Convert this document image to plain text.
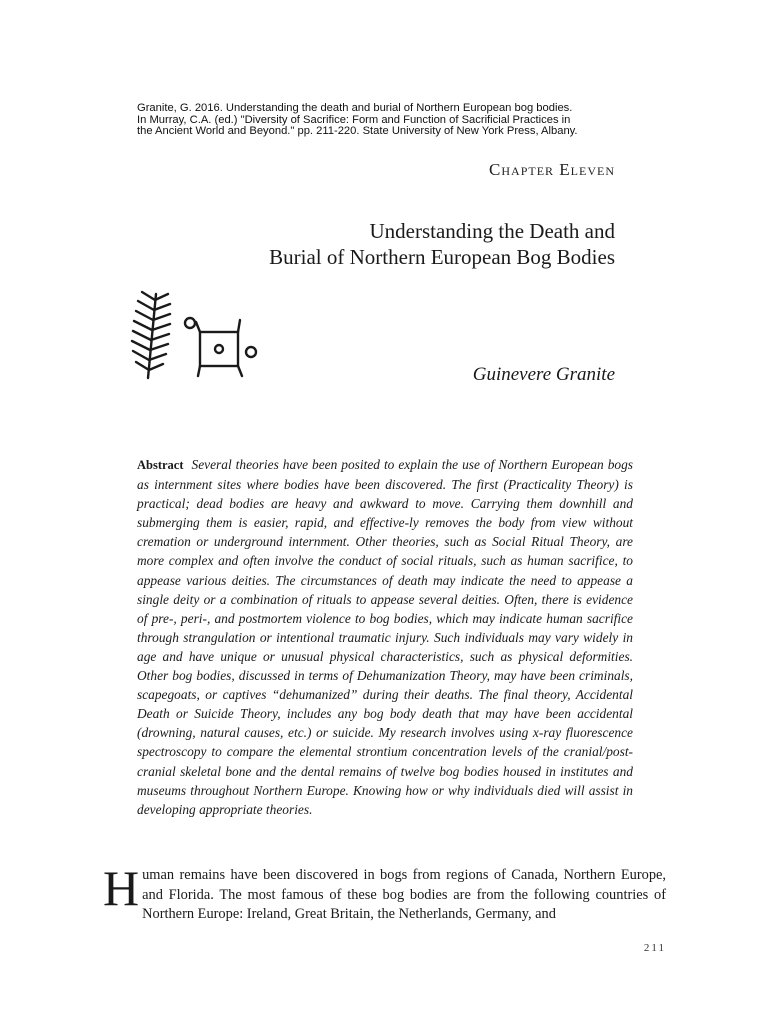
Granite, G. 2016. Understanding the death and burial of Northern European bog bodies.
In Murray, C.A. (ed.) "Diversity of Sacrifice: Form and Function of Sacrificial Practices in
the Ancient World and Beyond." pp. 211-220. State University of New York Press, Albany.
Chapter Eleven
Understanding the Death and
Burial of Northern European Bog Bodies
Guinevere Granite
Abstract Several theories have been posited to explain the use of Northern European bogs as internment sites where bodies have been discovered. The first (Practicality Theory) is practical; dead bodies are heavy and awkward to move. Carrying them downhill and submerging them is easier, rapid, and effective-ly removes the body from view without cremation or underground internment. Other theories, such as Social Ritual Theory, are more complex and often involve the conduct of social rituals, such as human sacrifice, to appease various deities. The circumstances of death may indicate the need to appease a single deity or a combination of rituals to appease several deities. Often, there is evidence of pre-, peri-, and postmortem violence to bog bodies, which may indicate human sacrifice through strangulation or intentional traumatic injury. Such individuals may vary widely in age and have unique or unusual physical characteristics, such as physical deformities. Other bog bodies, discussed in terms of Dehumanization Theory, may have been criminals, scapegoats, or captives “dehumanized” during their deaths. The final theory, Accidental Death or Suicide Theory, includes any bog body death that may have been accidental (drowning, natural causes, etc.) or suicide. My research involves using x-ray fluorescence spectroscopy to compare the elemental strontium concentration levels of the cranial/post-cranial skeletal bone and the dental remains of twelve bog bodies housed in institutes and museums throughout Northern Europe. Knowing how or why individuals died will assist in developing appropriate theories.
Human remains have been discovered in bogs from regions of Canada, Northern Europe, and Florida. The most famous of these bog bodies are from the following countries of Northern Europe: Ireland, Great Britain, the Netherlands, Germany, and
211
